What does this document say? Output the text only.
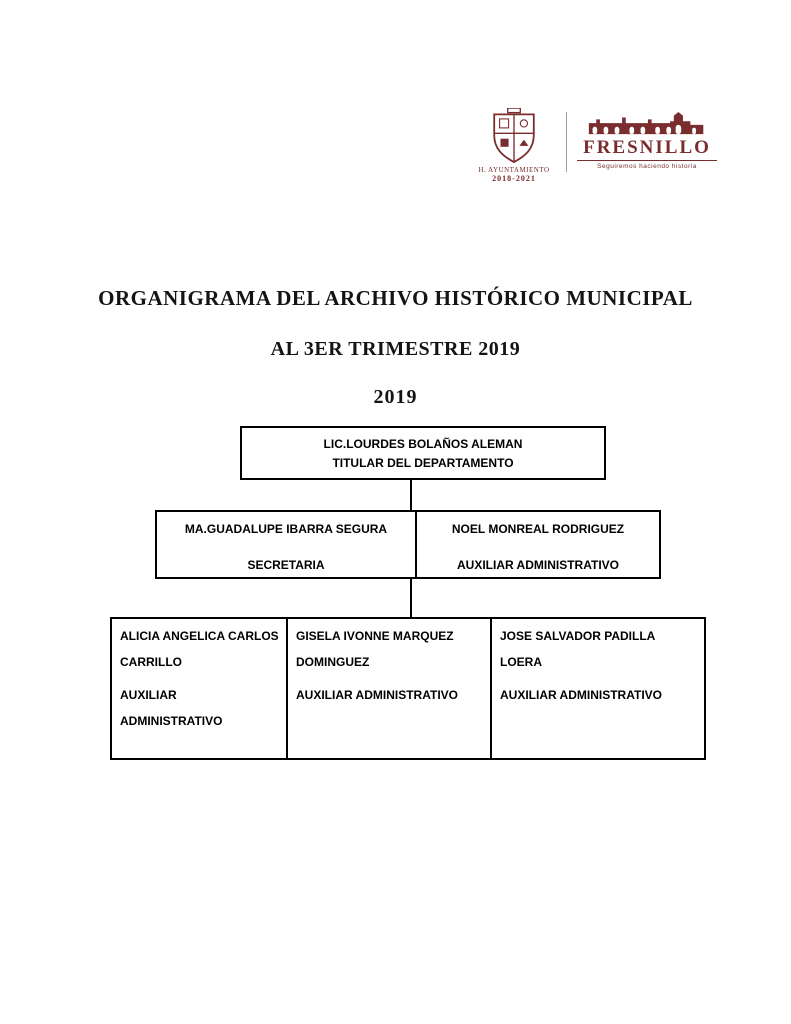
H. AYUNTAMIENTO
2018-2021
FRESNILLO
Seguiremos haciendo historia
ORGANIGRAMA DEL ARCHIVO HISTÓRICO MUNICIPAL
AL 3ER TRIMESTRE 2019
2019
LIC.LOURDES BOLAÑOS ALEMAN
TITULAR DEL DEPARTAMENTO
MA.GUADALUPE IBARRA SEGURA
SECRETARIA
NOEL MONREAL RODRIGUEZ
AUXILIAR ADMINISTRATIVO
ALICIA ANGELICA CARLOS CARRILLO
AUXILIAR ADMINISTRATIVO
GISELA IVONNE MARQUEZ DOMINGUEZ
AUXILIAR ADMINISTRATIVO
JOSE SALVADOR PADILLA LOERA
AUXILIAR ADMINISTRATIVO
